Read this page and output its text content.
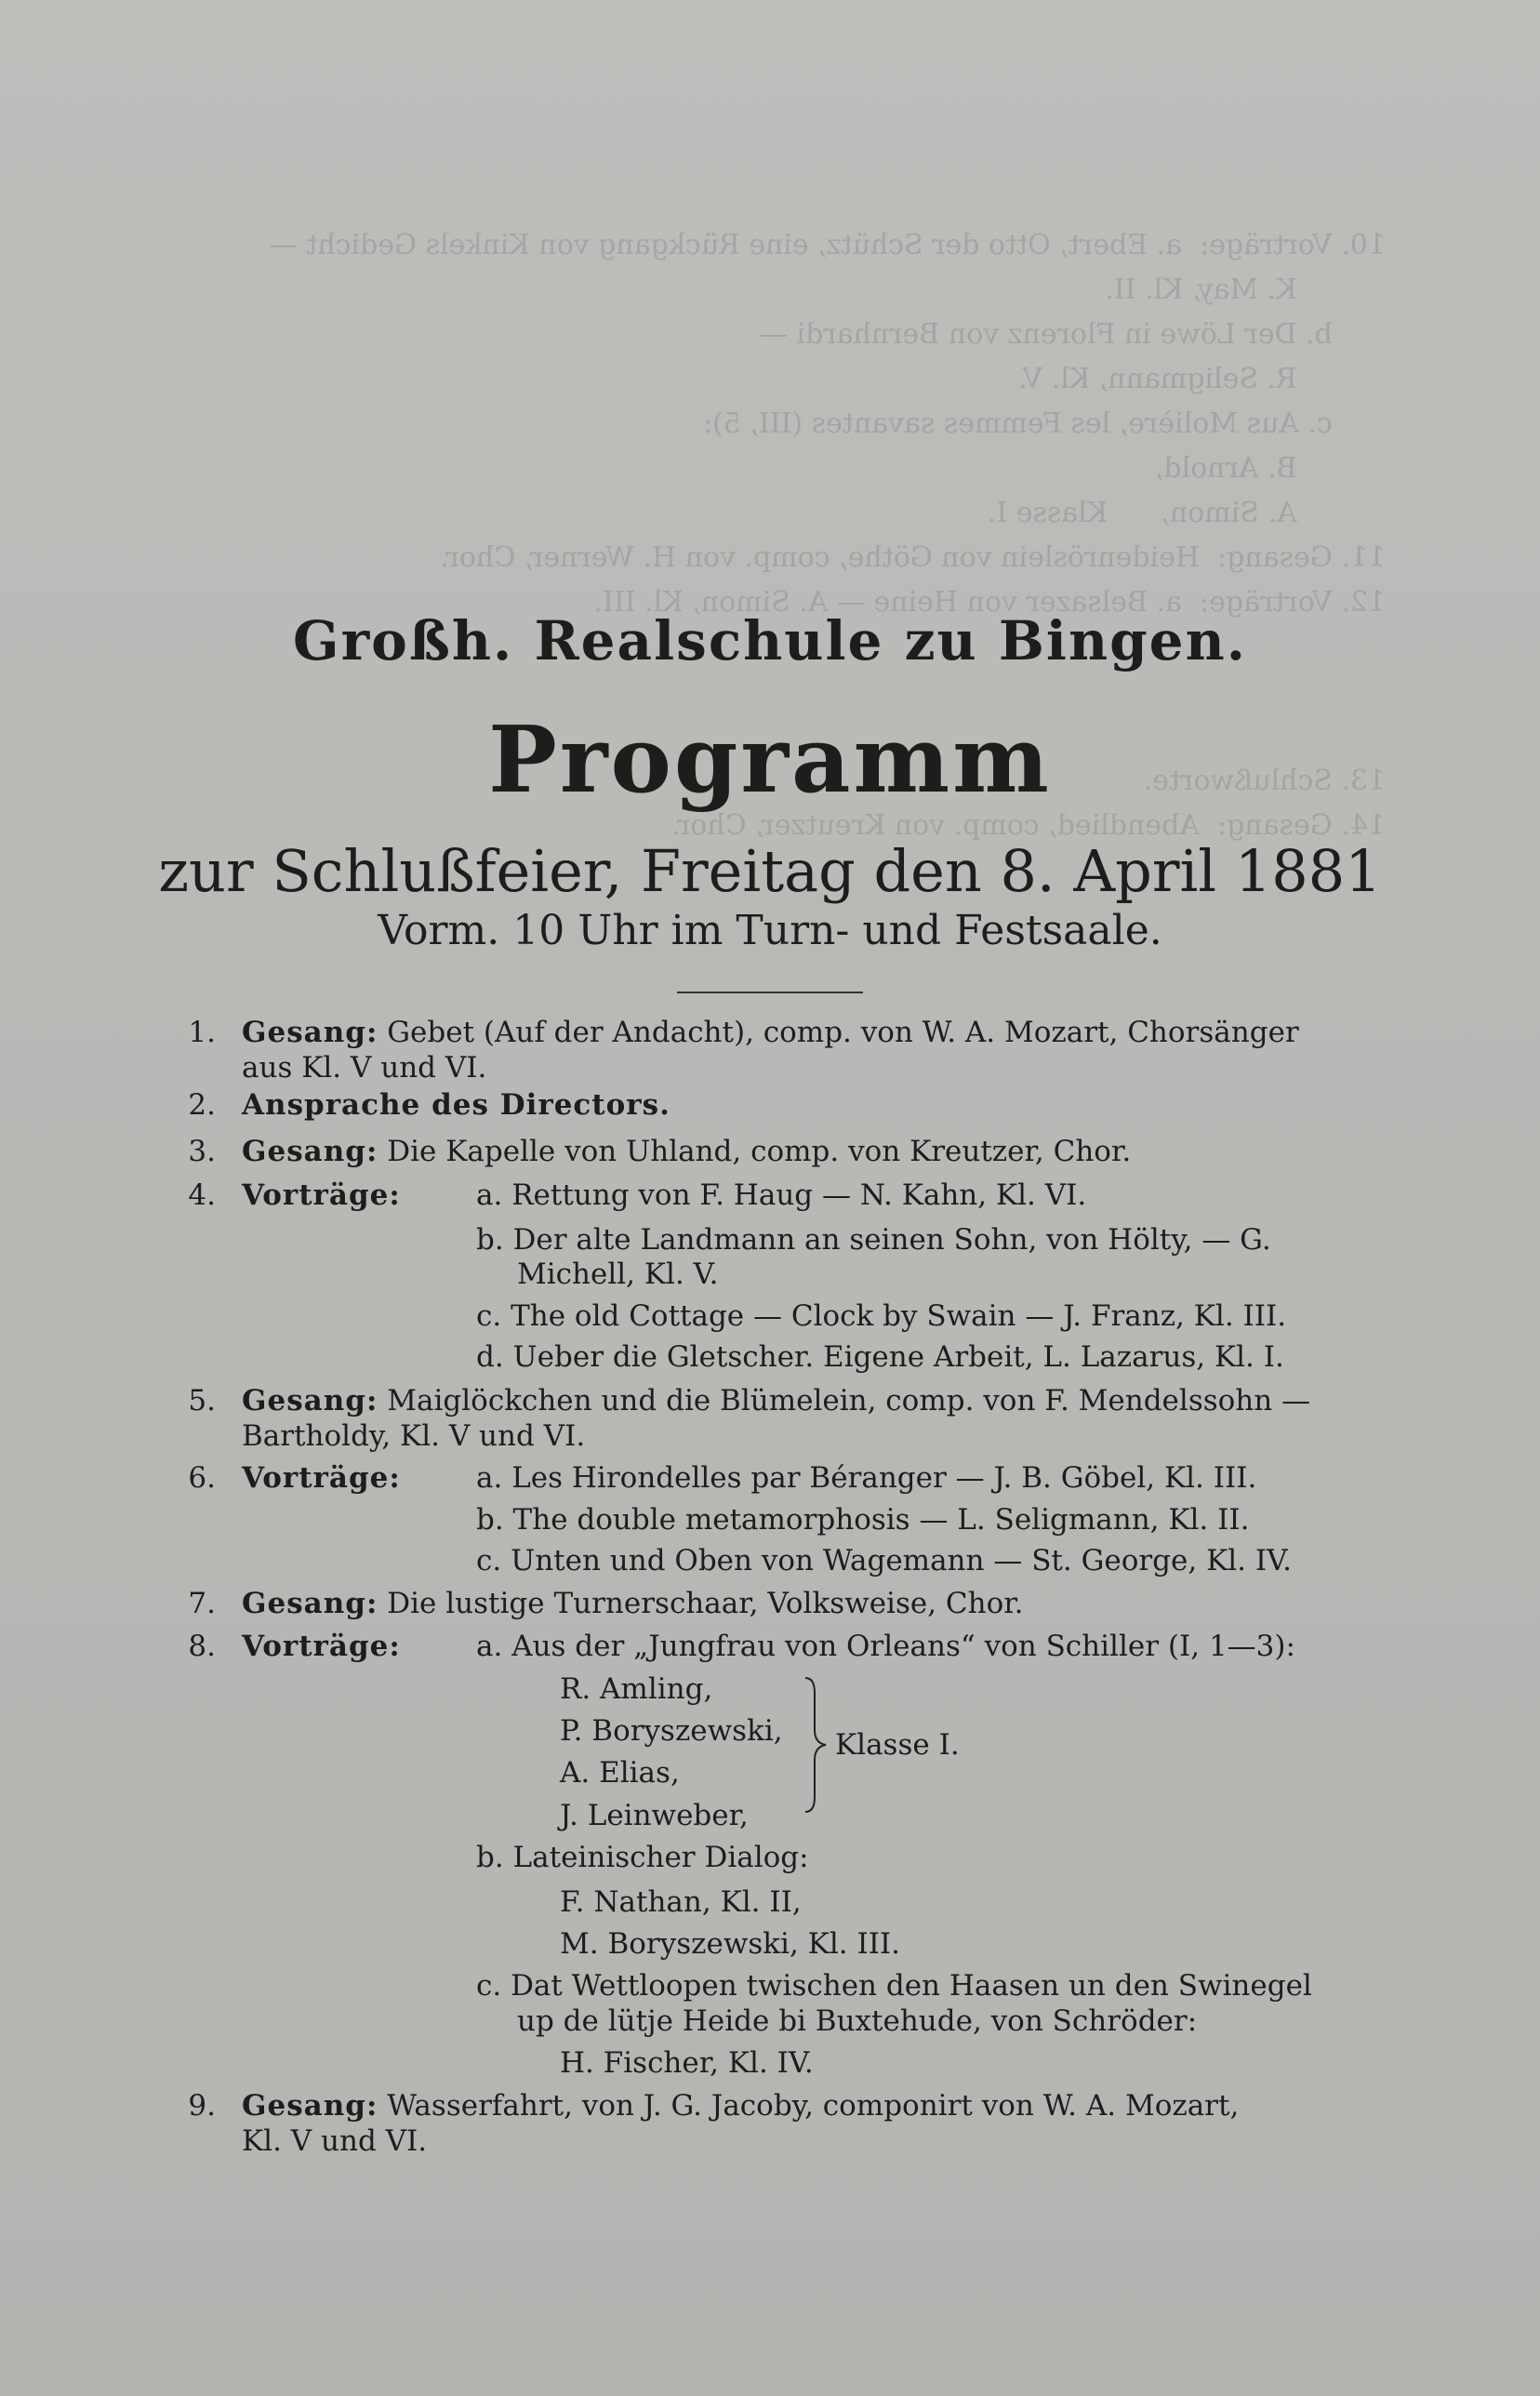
10. Vorträge:  a. Ebert, Otto der Schütz, eine Rückgang von Kinkels Gedicht —
K. May, Kl. II.
b. Der Löwe in Florenz von Bernhardi —
R. Seligmann, Kl. V.
c. Aus Molière, les Femmes savantes (III, 5):
B. Arnold,
A. Simon,      Klasse I.
11. Gesang:  Heidenröslein von Göthe, comp. von H. Werner, Chor.
12. Vorträge:  a. Belsazer von Heine — A. Simon, Kl. III.

13. Schlußworte.
14. Gesang:  Abendlied, comp. von Kreutzer, Chor.
Großh. Realschule zu Bingen.
Programm
zur Schlußfeier, Freitag den 8. April 1881
Vorm. 10 Uhr im Turn- und Festsaale.
1. Gesang: Gebet (Auf der Andacht), comp. von W. A. Mozart, Chorsänger
aus Kl. V und VI.
2. Ansprache des Directors.
3. Gesang: Die Kapelle von Uhland, comp. von Kreutzer, Chor.
4. Vorträge:	a. Rettung von F. Haug — N. Kahn, Kl. VI.
b. Der alte Landmann an seinen Sohn, von Hölty, — G.
Michell, Kl. V.
c. The old Cottage — Clock by Swain — J. Franz, Kl. III.
d. Ueber die Gletscher. Eigene Arbeit, L. Lazarus, Kl. I.
5. Gesang: Maiglöckchen und die Blümelein, comp. von F. Mendelssohn —
Bartholdy, Kl. V und VI.
6. Vorträge:	a. Les Hirondelles par Béranger — J. B. Göbel, Kl. III.
b. The double metamorphosis — L. Seligmann, Kl. II.
c. Unten und Oben von Wagemann — St. George, Kl. IV.
7. Gesang: Die lustige Turnerschaar, Volksweise, Chor.
8. Vorträge:	a. Aus der „Jungfrau von Orleans“ von Schiller (I, 1—3):
R. Amling,
P. Boryszewski,
A. Elias,
J. Leinweber,
Klasse I.
b. Lateinischer Dialog:
F. Nathan, Kl. II,
M. Boryszewski, Kl. III.
c. Dat Wettloopen twischen den Haasen un den Swinegel
up de lütje Heide bi Buxtehude, von Schröder:
H. Fischer, Kl. IV.
9. Gesang: Wasserfahrt, von J. G. Jacoby, componirt von W. A. Mozart,
Kl. V und VI.
